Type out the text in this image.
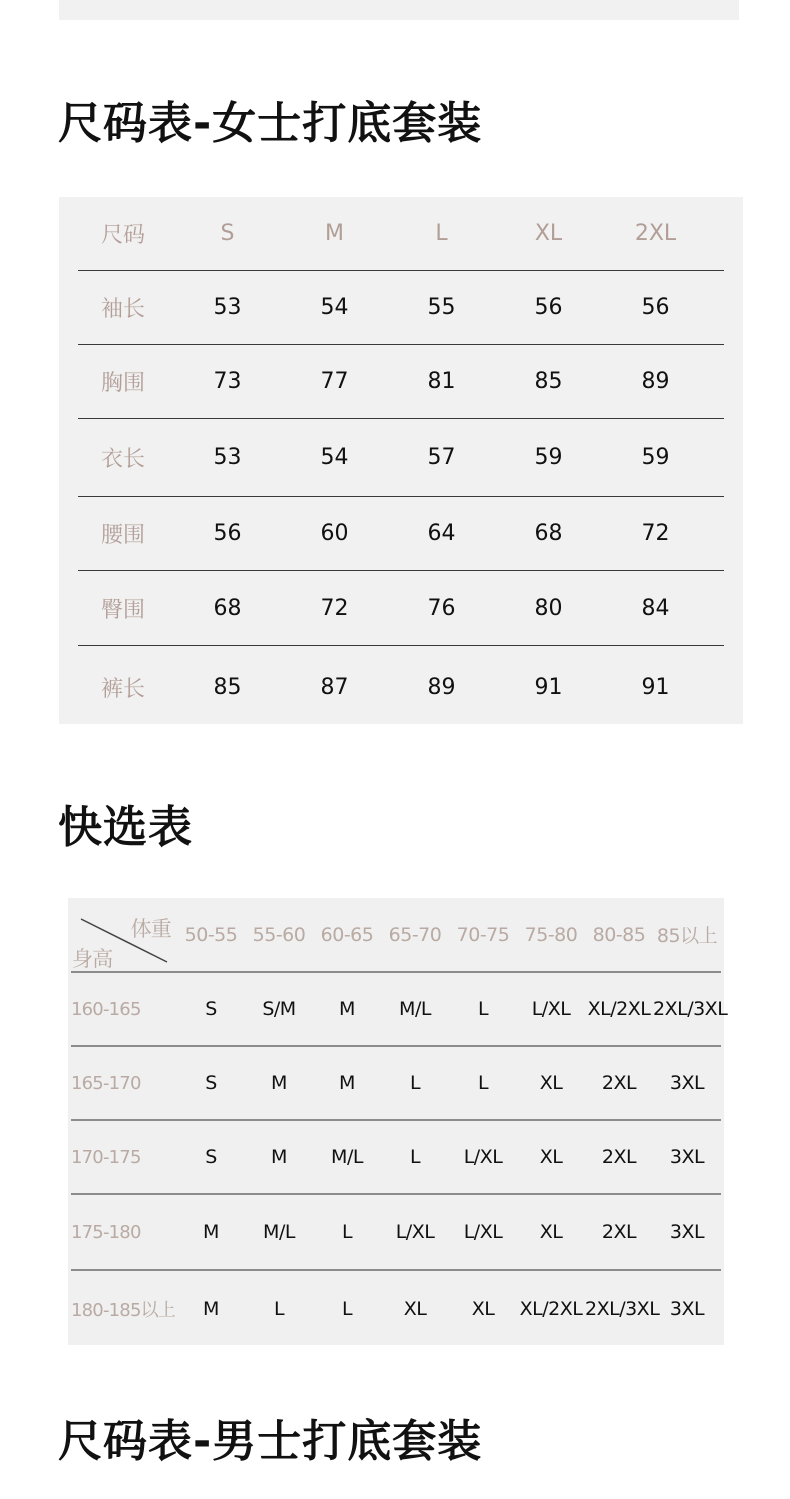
尺码表-女士打底套装
尺码	S	M	L	XL	2XL
袖长	53	54	55	56	56
胸围	73	77	81	85	89
衣长	53	54	57	59	59
腰围	56	60	64	68	72
臀围	68	72	76	80	84
裤长	85	87	89	91	91
快选表
体重
身高
50-55 55-60 60-65 65-70 70-75 75-80 80-85 85以上
160-165	S	S/M	M	M/L	L	L/XL XL/2XL 2XL/3XL
165-170	S	M	M	L	L	XL	2XL	3XL
170-175	S	M	M/L	L	L/XL	XL	2XL	3XL
175-180	M	M/L	L	L/XL	L/XL	XL	2XL	3XL
180-185以上	M	L	L	XL	XL	XL/2XL 2XL/3XL 3XL
尺码表-男士打底套装
